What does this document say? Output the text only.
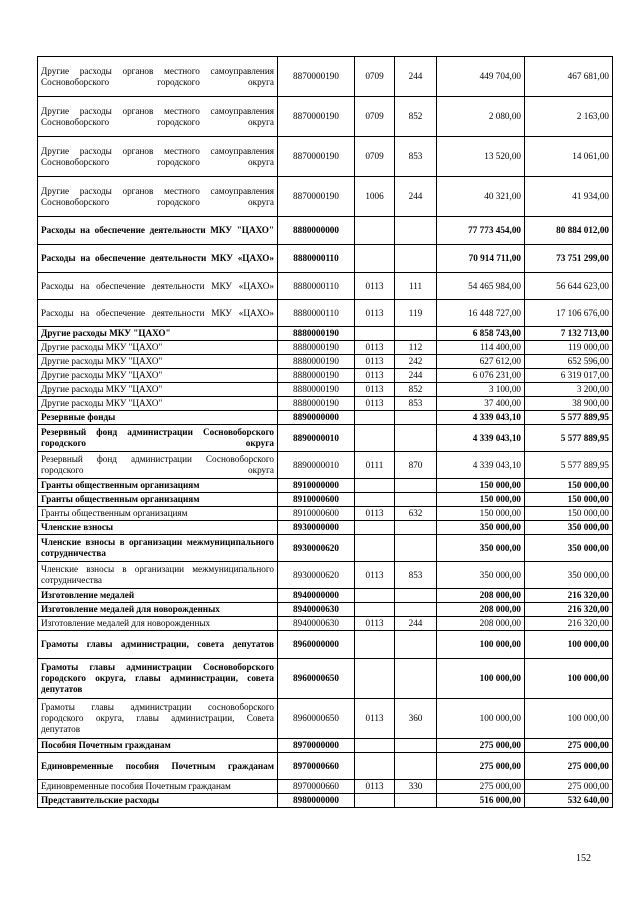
Другие расходы органов местного самоуправления Сосновоборского городского округа	8870000190	0709	244	449 704,00	467 681,00
Другие расходы органов местного самоуправления Сосновоборского городского округа	8870000190	0709	852	2 080,00	2 163,00
Другие расходы органов местного самоуправления Сосновоборского городского округа	8870000190	0709	853	13 520,00	14 061,00
Другие расходы органов местного самоуправления Сосновоборского городского округа	8870000190	1006	244	40 321,00	41 934,00
Расходы на обеспечение деятельности МКУ "ЦАХО"	8880000000			77 773 454,00	80 884 012,00
Расходы на обеспечение деятельности МКУ «ЦАХО»	8880000110			70 914 711,00	73 751 299,00
Расходы на обеспечение деятельности МКУ «ЦАХО»	8880000110	0113	111	54 465 984,00	56 644 623,00
Расходы на обеспечение деятельности МКУ «ЦАХО»	8880000110	0113	119	16 448 727,00	17 106 676,00
Другие расходы МКУ "ЦАХО"	8880000190			6 858 743,00	7 132 713,00
Другие расходы МКУ "ЦАХО"	8880000190	0113	112	114 400,00	119 000,00
Другие расходы МКУ "ЦАХО"	8880000190	0113	242	627 612,00	652 596,00
Другие расходы МКУ "ЦАХО"	8880000190	0113	244	6 076 231,00	6 319 017,00
Другие расходы МКУ "ЦАХО"	8880000190	0113	852	3 100,00	3 200,00
Другие расходы МКУ "ЦАХО"	8880000190	0113	853	37 400,00	38 900,00
Резервные фонды	8890000000			4 339 043,10	5 577 889,95
Резервный фонд администрации Сосновоборского городского округа	8890000010			4 339 043,10	5 577 889,95
Резервный фонд администрации Сосновоборского городского округа	8890000010	0111	870	4 339 043,10	5 577 889,95
Гранты общественным организациям	8910000000			150 000,00	150 000,00
Гранты общественным организациям	8910000600			150 000,00	150 000,00
Гранты общественным организациям	8910000600	0113	632	150 000,00	150 000,00
Членские взносы	8930000000			350 000,00	350 000,00
Членские взносы в организации межмуниципального сотрудничества	8930000620			350 000,00	350 000,00
Членские взносы в организации межмуниципального сотрудничества	8930000620	0113	853	350 000,00	350 000,00
Изготовление медалей	8940000000			208 000,00	216 320,00
Изготовление медалей для новорожденных	8940000630			208 000,00	216 320,00
Изготовление медалей для новорожденных	8940000630	0113	244	208 000,00	216 320,00
Грамоты главы администрации, совета депутатов	8960000000			100 000,00	100 000,00
Грамоты главы администрации Сосновоборского городского округа, главы администрации, совета депутатов	8960000650			100 000,00	100 000,00
Грамоты главы администрации сосновоборского городского округа, главы администрации, Совета депутатов	8960000650	0113	360	100 000,00	100 000,00
Пособия Почетным гражданам	8970000000			275 000,00	275 000,00
Единовременные пособия Почетным гражданам	8970000660			275 000,00	275 000,00
Единовременные пособия Почетным гражданам	8970000660	0113	330	275 000,00	275 000,00
Представительские расходы	8980000000			516 000,00	532 640,00
152
